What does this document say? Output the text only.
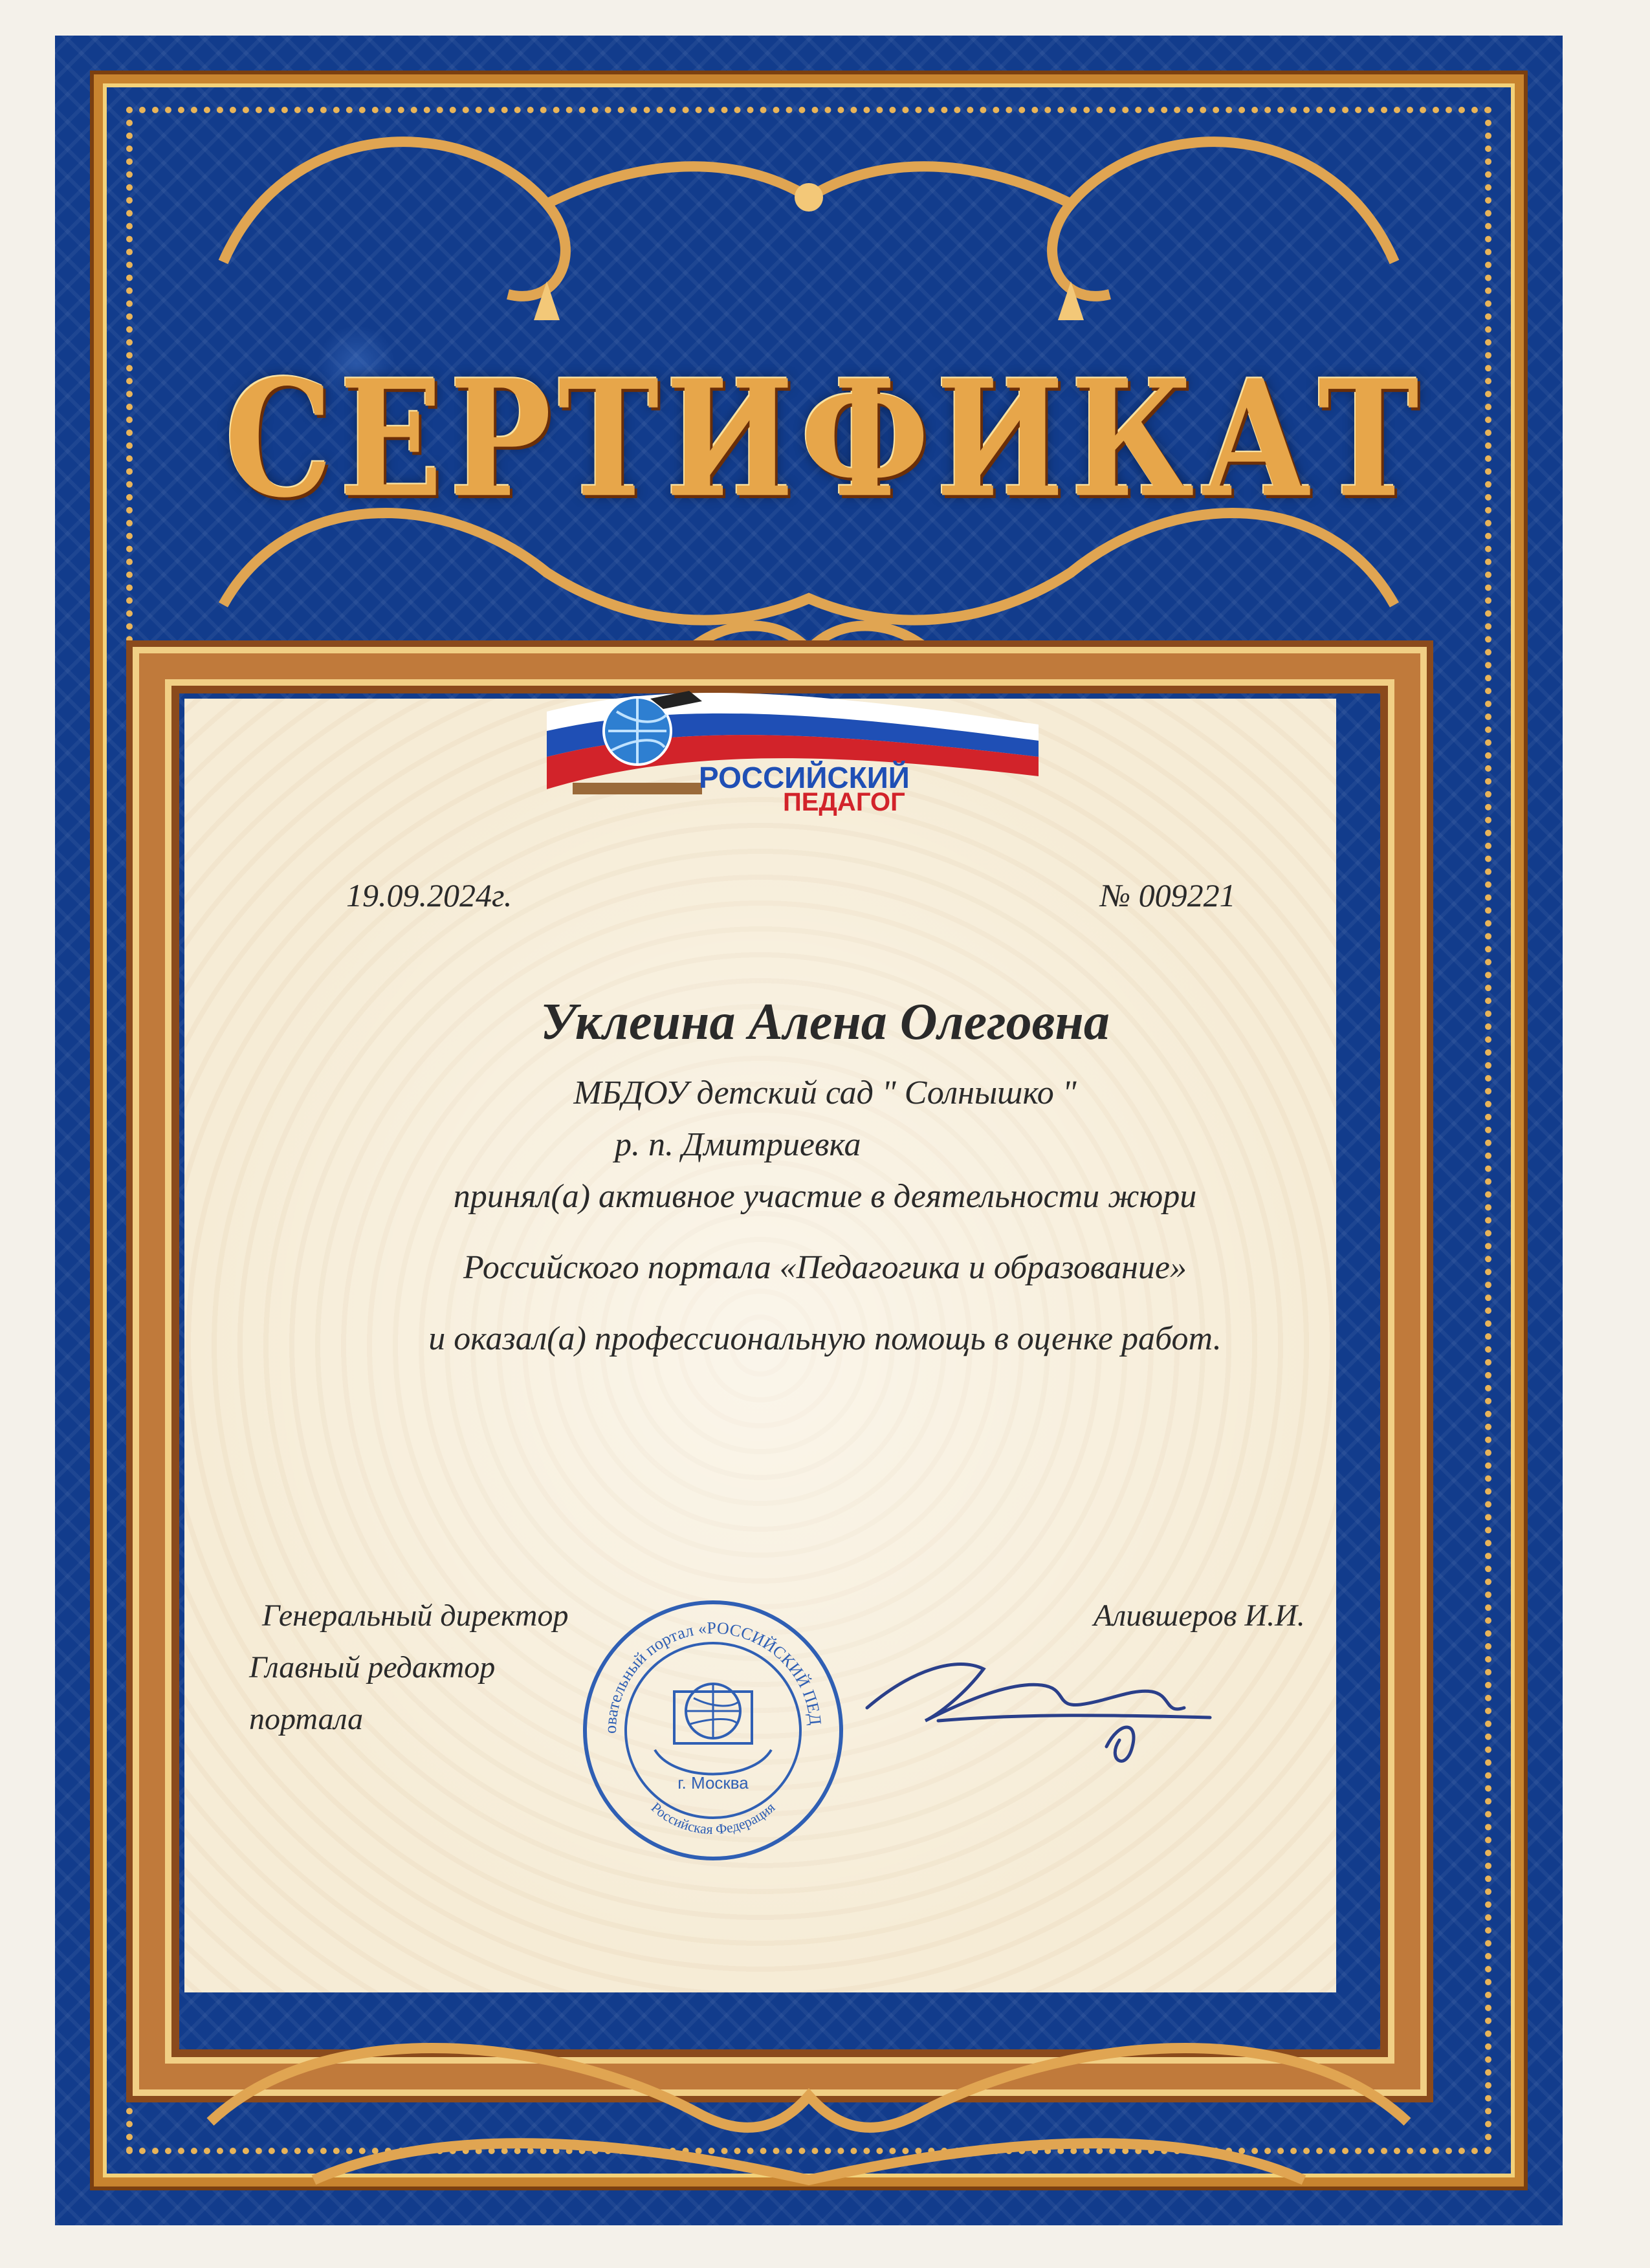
СЕРТИФИКАТ
РОССИЙСКИЙ
ПЕДАГОГ
19.09.2024г.	№ 009221
Уклеина Алена Олеговна
МБДОУ детский сад " Солнышко "
р. п. Дмитриевка
принял(а) активное участие в деятельности жюри
Российского портала «Педагогика и образование»
и оказал(а) профессиональную помощь в оценке работ.
Генеральный директор
Главный редактор
портала
Алившеров И.И.
овательный портал «РОССИЙСКИЙ ПЕД
Российская Федерация
г. Москва
